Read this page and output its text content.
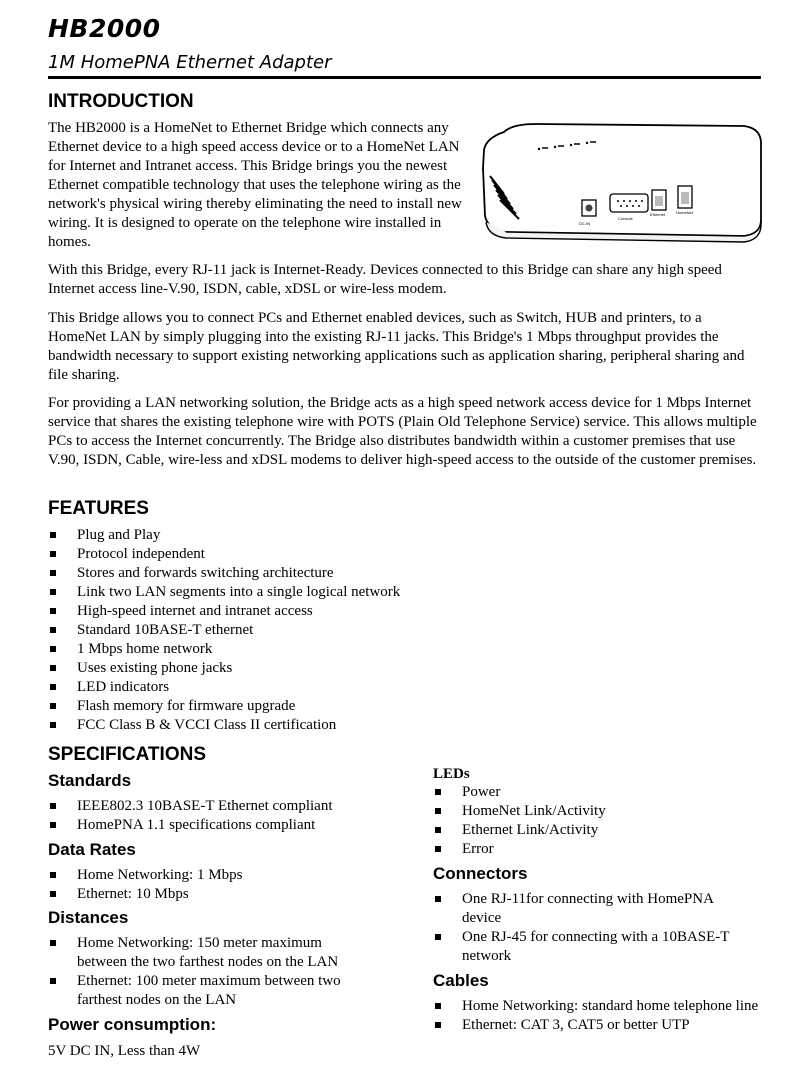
HB2000
1M HomePNA Ethernet Adapter
INTRODUCTION

The HB2000 is a HomeNet to Ethernet Bridge which connects any Ethernet device to a high speed access device or to a HomeNet LAN for Internet and Intranet access. This Bridge brings you the newest Ethernet compatible technology that uses the telephone wiring as the network's physical wiring thereby eliminating the need to install new wiring. It is designed to operate on the telephone wire installed in homes.

DC-IN
Console
Ethernet	HomeNet

With this Bridge, every RJ-11 jack is Internet-Ready. Devices connected to this Bridge can share any high speed Internet access line-V.90, ISDN, cable, xDSL or wire-less modem.

This Bridge allows you to connect PCs and Ethernet enabled devices, such as Switch, HUB and printers, to a HomeNet LAN by simply plugging into the existing RJ-11 jacks. This Bridge's 1 Mbps throughput provides the bandwidth necessary to support existing networking applications such as application sharing, peripheral sharing and file sharing.

For providing a LAN networking solution, the Bridge acts as a high speed network access device for 1 Mbps Internet service that shares the existing telephone wire with POTS (Plain Old Telephone Service) service. This allows multiple PCs to access the Internet concurrently. The Bridge also distributes bandwidth within a customer premises that use V.90, ISDN, Cable, wire-less and xDSL modems to deliver high-speed access to the outside of the customer premises.

FEATURES
Plug and Play
Protocol independent
Stores and forwards switching architecture
Link two LAN segments into a single logical network
High-speed internet and intranet access
Standard 10BASE-T ethernet
1 Mbps home network
Uses existing phone jacks
LED indicators
Flash memory for firmware upgrade
FCC Class B & VCCI Class II certification
SPECIFICATIONS
Standards
IEEE802.3 10BASE-T Ethernet compliant
HomePNA 1.1 specifications compliant
Data Rates
Home Networking: 1 Mbps
Ethernet: 10 Mbps
Distances
Home Networking: 150 meter maximum between the two farthest nodes on the LAN
Ethernet: 100 meter maximum between two farthest nodes on the LAN
Power consumption:
5V DC IN, Less than 4W
LEDs
Power
HomeNet Link/Activity
Ethernet Link/Activity
Error
Connectors
One RJ-11for connecting with HomePNA device
One RJ-45 for connecting with a 10BASE-T network
Cables
Home Networking: standard home telephone line
Ethernet: CAT 3, CAT5 or better UTP
